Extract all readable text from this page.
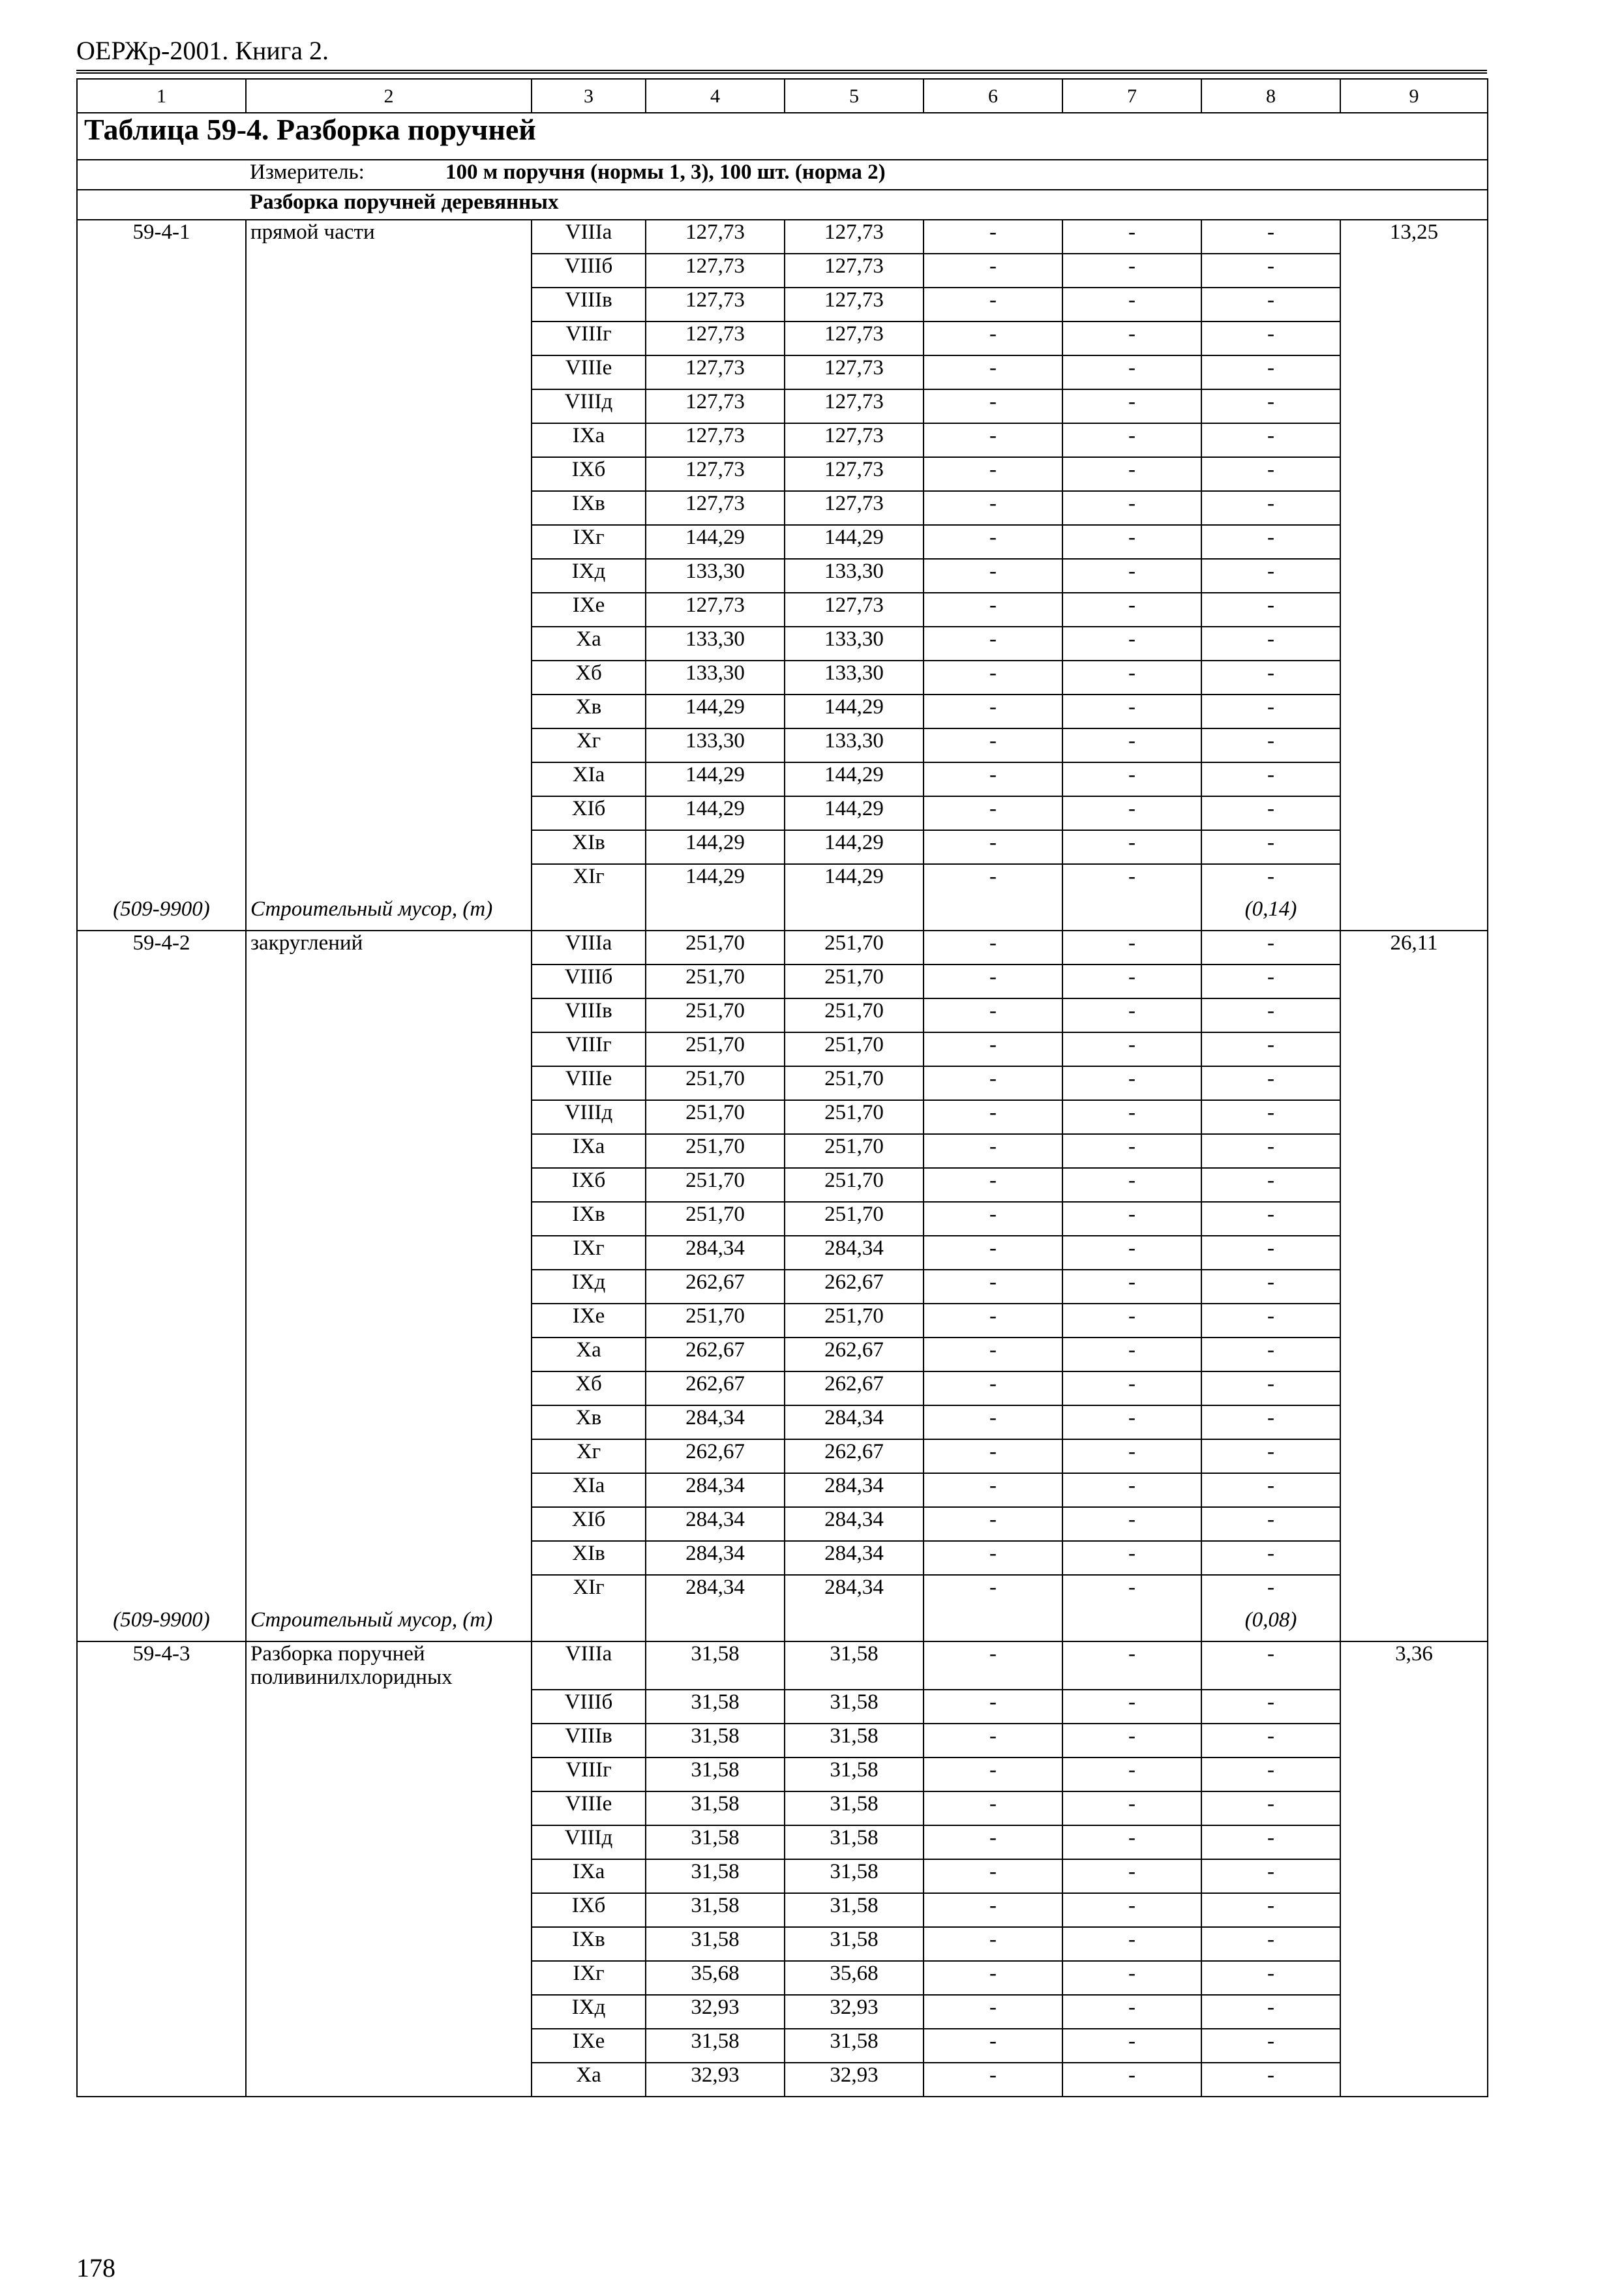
ОЕРЖр-2001. Книга 2.
1	2	3	4	5	6	7	8	9
Таблица 59-4. Разборка поручней								
Измеритель: 100 м поручня (нормы 1, 3), 100 шт. (норма 2)								
Разборка поручней деревянных								
59-4-1	прямой части	VIIIa	127,73	127,73	-	-	-	13,25
		VIIIб	127,73	127,73	-	-	-	
		VIIIв	127,73	127,73	-	-	-	
		VIIIг	127,73	127,73	-	-	-	
		VIIIe	127,73	127,73	-	-	-	
		VIIIд	127,73	127,73	-	-	-	
		IXa	127,73	127,73	-	-	-	
		IXб	127,73	127,73	-	-	-	
		IXв	127,73	127,73	-	-	-	
		IXг	144,29	144,29	-	-	-	
		IXд	133,30	133,30	-	-	-	
		IXe	127,73	127,73	-	-	-	
		Xa	133,30	133,30	-	-	-	
		Xб	133,30	133,30	-	-	-	
		Xв	144,29	144,29	-	-	-	
		Xг	133,30	133,30	-	-	-	
		XIa	144,29	144,29	-	-	-	
		XIб	144,29	144,29	-	-	-	
		XIв	144,29	144,29	-	-	-	
		XIг	144,29	144,29	-	-	-	
(509-9900)	Строительный мусор, (т)						(0,14)	
59-4-2	закруглений	VIIIa	251,70	251,70	-	-	-	26,11
		VIIIб	251,70	251,70	-	-	-	
		VIIIв	251,70	251,70	-	-	-	
		VIIIг	251,70	251,70	-	-	-	
		VIIIe	251,70	251,70	-	-	-	
		VIIIд	251,70	251,70	-	-	-	
		IXa	251,70	251,70	-	-	-	
		IXб	251,70	251,70	-	-	-	
		IXв	251,70	251,70	-	-	-	
		IXг	284,34	284,34	-	-	-	
		IXд	262,67	262,67	-	-	-	
		IXe	251,70	251,70	-	-	-	
		Xa	262,67	262,67	-	-	-	
		Xб	262,67	262,67	-	-	-	
		Xв	284,34	284,34	-	-	-	
		Xг	262,67	262,67	-	-	-	
		XIa	284,34	284,34	-	-	-	
		XIб	284,34	284,34	-	-	-	
		XIв	284,34	284,34	-	-	-	
		XIг	284,34	284,34	-	-	-	
(509-9900)	Строительный мусор, (т)						(0,08)	
59-4-3	Разборка поручней поливинилхлоридных	VIIIa	31,58	31,58	-	-	-	3,36
		VIIIб	31,58	31,58	-	-	-	
		VIIIв	31,58	31,58	-	-	-	
		VIIIг	31,58	31,58	-	-	-	
		VIIIe	31,58	31,58	-	-	-	
		VIIIд	31,58	31,58	-	-	-	
		IXa	31,58	31,58	-	-	-	
		IXб	31,58	31,58	-	-	-	
		IXв	31,58	31,58	-	-	-	
		IXг	35,68	35,68	-	-	-	
		IXд	32,93	32,93	-	-	-	
		IXe	31,58	31,58	-	-	-	
		Xa	32,93	32,93	-	-	-	
178
